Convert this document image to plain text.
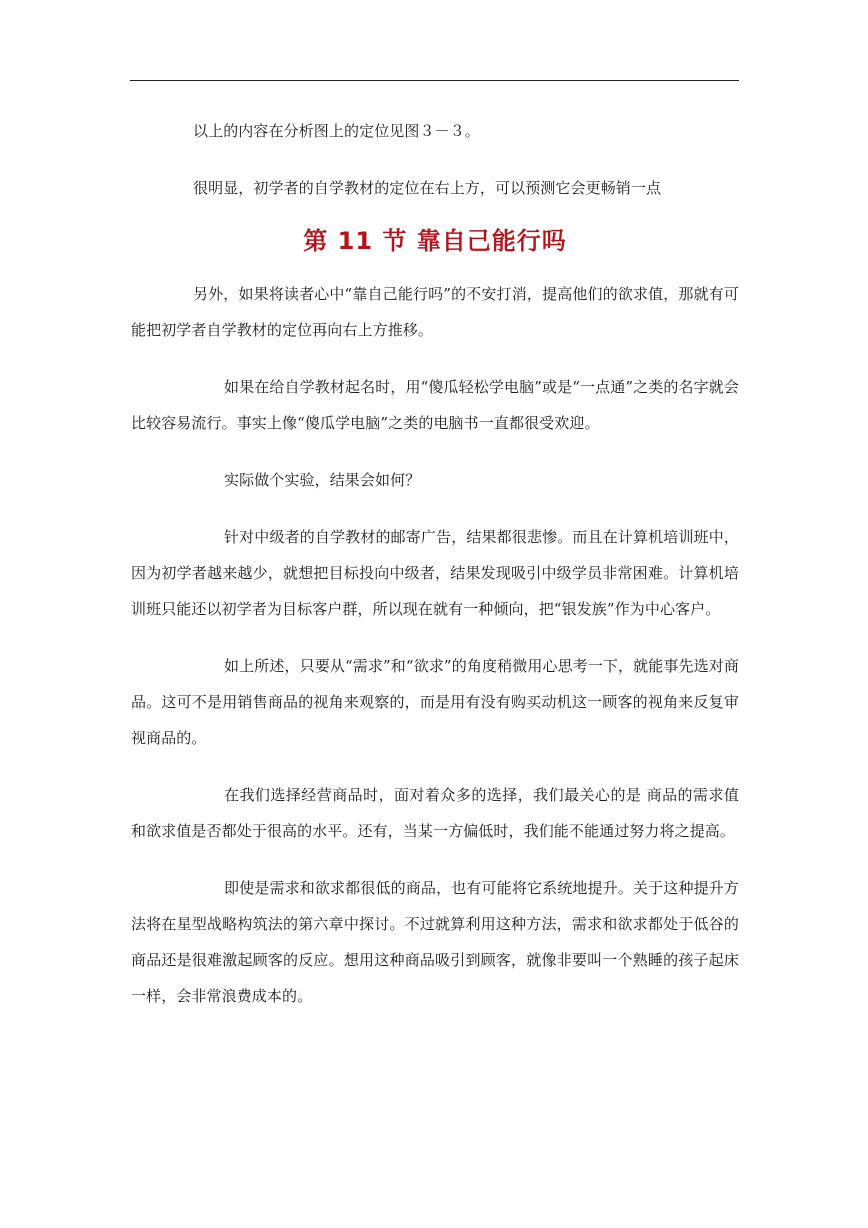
以上的内容在分析图上的定位见图３－３。

很明显，初学者的自学教材的定位在右上方，可以预测它会更畅销一点

第 11 节 靠自己能行吗

另外，如果将读者心中“靠自己能行吗”的不安打消，提高他们的欲求值，那就有可能把初学者自学教材的定位再向右上方推移。

如果在给自学教材起名时，用“傻瓜轻松学电脑”或是“一点通”之类的名字就会比较容易流行。事实上像“傻瓜学电脑”之类的电脑书一直都很受欢迎。

实际做个实验，结果会如何？

针对中级者的自学教材的邮寄广告，结果都很悲惨。而且在计算机培训班中，因为初学者越来越少，就想把目标投向中级者，结果发现吸引中级学员非常困难。计算机培训班只能还以初学者为目标客户群，所以现在就有一种倾向，把“银发族”作为中心客户。

如上所述，只要从“需求”和“欲求”的角度稍微用心思考一下，就能事先选对商品。这可不是用销售商品的视角来观察的，而是用有没有购买动机这一顾客的视角来反复审视商品的。

在我们选择经营商品时，面对着众多的选择，我们最关心的是 商品的需求值和欲求值是否都处于很高的水平。还有，当某一方偏低时，我们能不能通过努力将之提高。

即使是需求和欲求都很低的商品，也有可能将它系统地提升。关于这种提升方法将在星型战略构筑法的第六章中探讨。不过就算利用这种方法，需求和欲求都处于低谷的商品还是很难激起顾客的反应。想用这种商品吸引到顾客，就像非要叫一个熟睡的孩子起床一样，会非常浪费成本的。
